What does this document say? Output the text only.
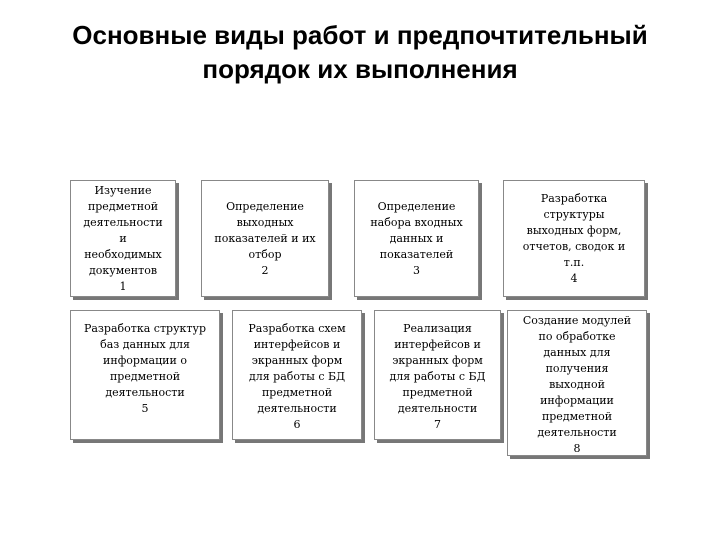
Основные виды работ и предпочтительный
порядок их выполнения
Изучение
предметной
деятельности
и
необходимых
документов
1
Определение
выходных
показателей и их
отбор
2
Определение
набора входных
данных и
показателей
3
Разработка
структуры
выходных форм,
отчетов, сводок и
т.п.
4
Разработка структур
баз данных для
информации о
предметной
деятельности
5
Разработка схем
интерфейсов и
экранных форм
для работы с БД
предметной
деятельности
6
Реализация
интерфейсов и
экранных форм
для работы с БД
предметной
деятельности
7
Создание модулей
по обработке
данных для
получения
выходной
информации
предметной
деятельности
8
